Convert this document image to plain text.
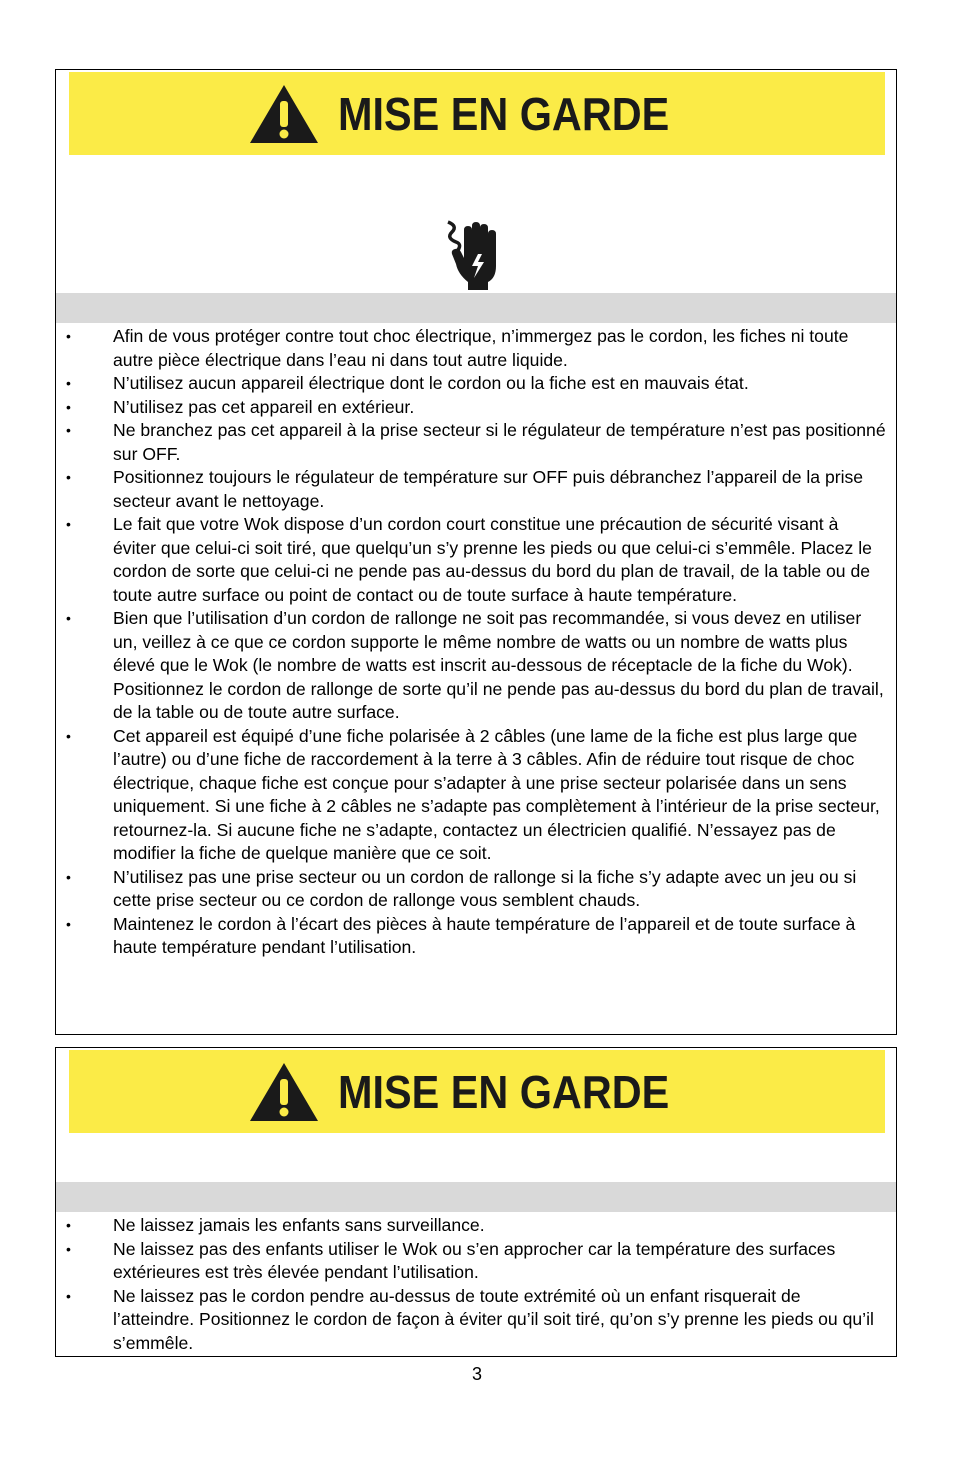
MISE EN GARDE
• Afin de vous protéger contre tout choc électrique, n’immergez pas le cordon, les fiches ni toute autre pièce électrique dans l’eau ni dans tout autre liquide.
• N’utilisez aucun appareil électrique dont le cordon ou la fiche est en mauvais état.
• N’utilisez pas cet appareil en extérieur.
• Ne branchez pas cet appareil à la prise secteur si le régulateur de température n’est pas positionné sur OFF.
• Positionnez toujours le régulateur de température sur OFF puis débranchez l’appareil de la prise secteur avant le nettoyage.
• Le fait que votre Wok dispose d’un cordon court constitue une précaution de sécurité visant à éviter que celui-ci soit tiré, que quelqu’un s’y prenne les pieds ou que celui-ci s’emmêle. Placez le cordon de sorte que celui-ci ne pende pas au-dessus du bord du plan de travail, de la table ou de toute autre surface ou point de contact ou de toute surface à haute température.
• Bien que l’utilisation d’un cordon de rallonge ne soit pas recommandée, si vous devez en utiliser un, veillez à ce que ce cordon supporte le même nombre de watts ou un nombre de watts plus élevé que le Wok (le nombre de watts est inscrit au-dessous de réceptacle de la fiche du Wok). Positionnez le cordon de rallonge de sorte qu’il ne pende pas au-dessus du bord du plan de travail, de la table ou de toute autre surface.
• Cet appareil est équipé d’une fiche polarisée à 2 câbles (une lame de la fiche est plus large que l’autre) ou d’une fiche de raccordement à la terre à 3 câbles. Afin de réduire tout risque de choc électrique, chaque fiche est conçue pour s’adapter à une prise secteur polarisée dans un sens uniquement. Si une fiche à 2 câbles ne s’adapte pas complètement à l’intérieur de la prise secteur, retournez-la. Si aucune fiche ne s’adapte, contactez un électricien qualifié. N’essayez pas de modifier la fiche de quelque manière que ce soit.
• N’utilisez pas une prise secteur ou un cordon de rallonge si la fiche s’y adapte avec un jeu ou si cette prise secteur ou ce cordon de rallonge vous semblent chauds.
• Maintenez le cordon à l’écart des pièces à haute température de l’appareil et de toute surface à haute température pendant l’utilisation.
MISE EN GARDE
• Ne laissez jamais les enfants sans surveillance.
• Ne laissez pas des enfants utiliser le Wok ou s’en approcher car la température des surfaces extérieures est très élevée pendant l’utilisation.
• Ne laissez pas le cordon pendre au-dessus de toute extrémité où un enfant risquerait de l’atteindre. Positionnez le cordon de façon à éviter qu’il soit tiré, qu’on s’y prenne les pieds ou qu’il s’emmêle.
3
